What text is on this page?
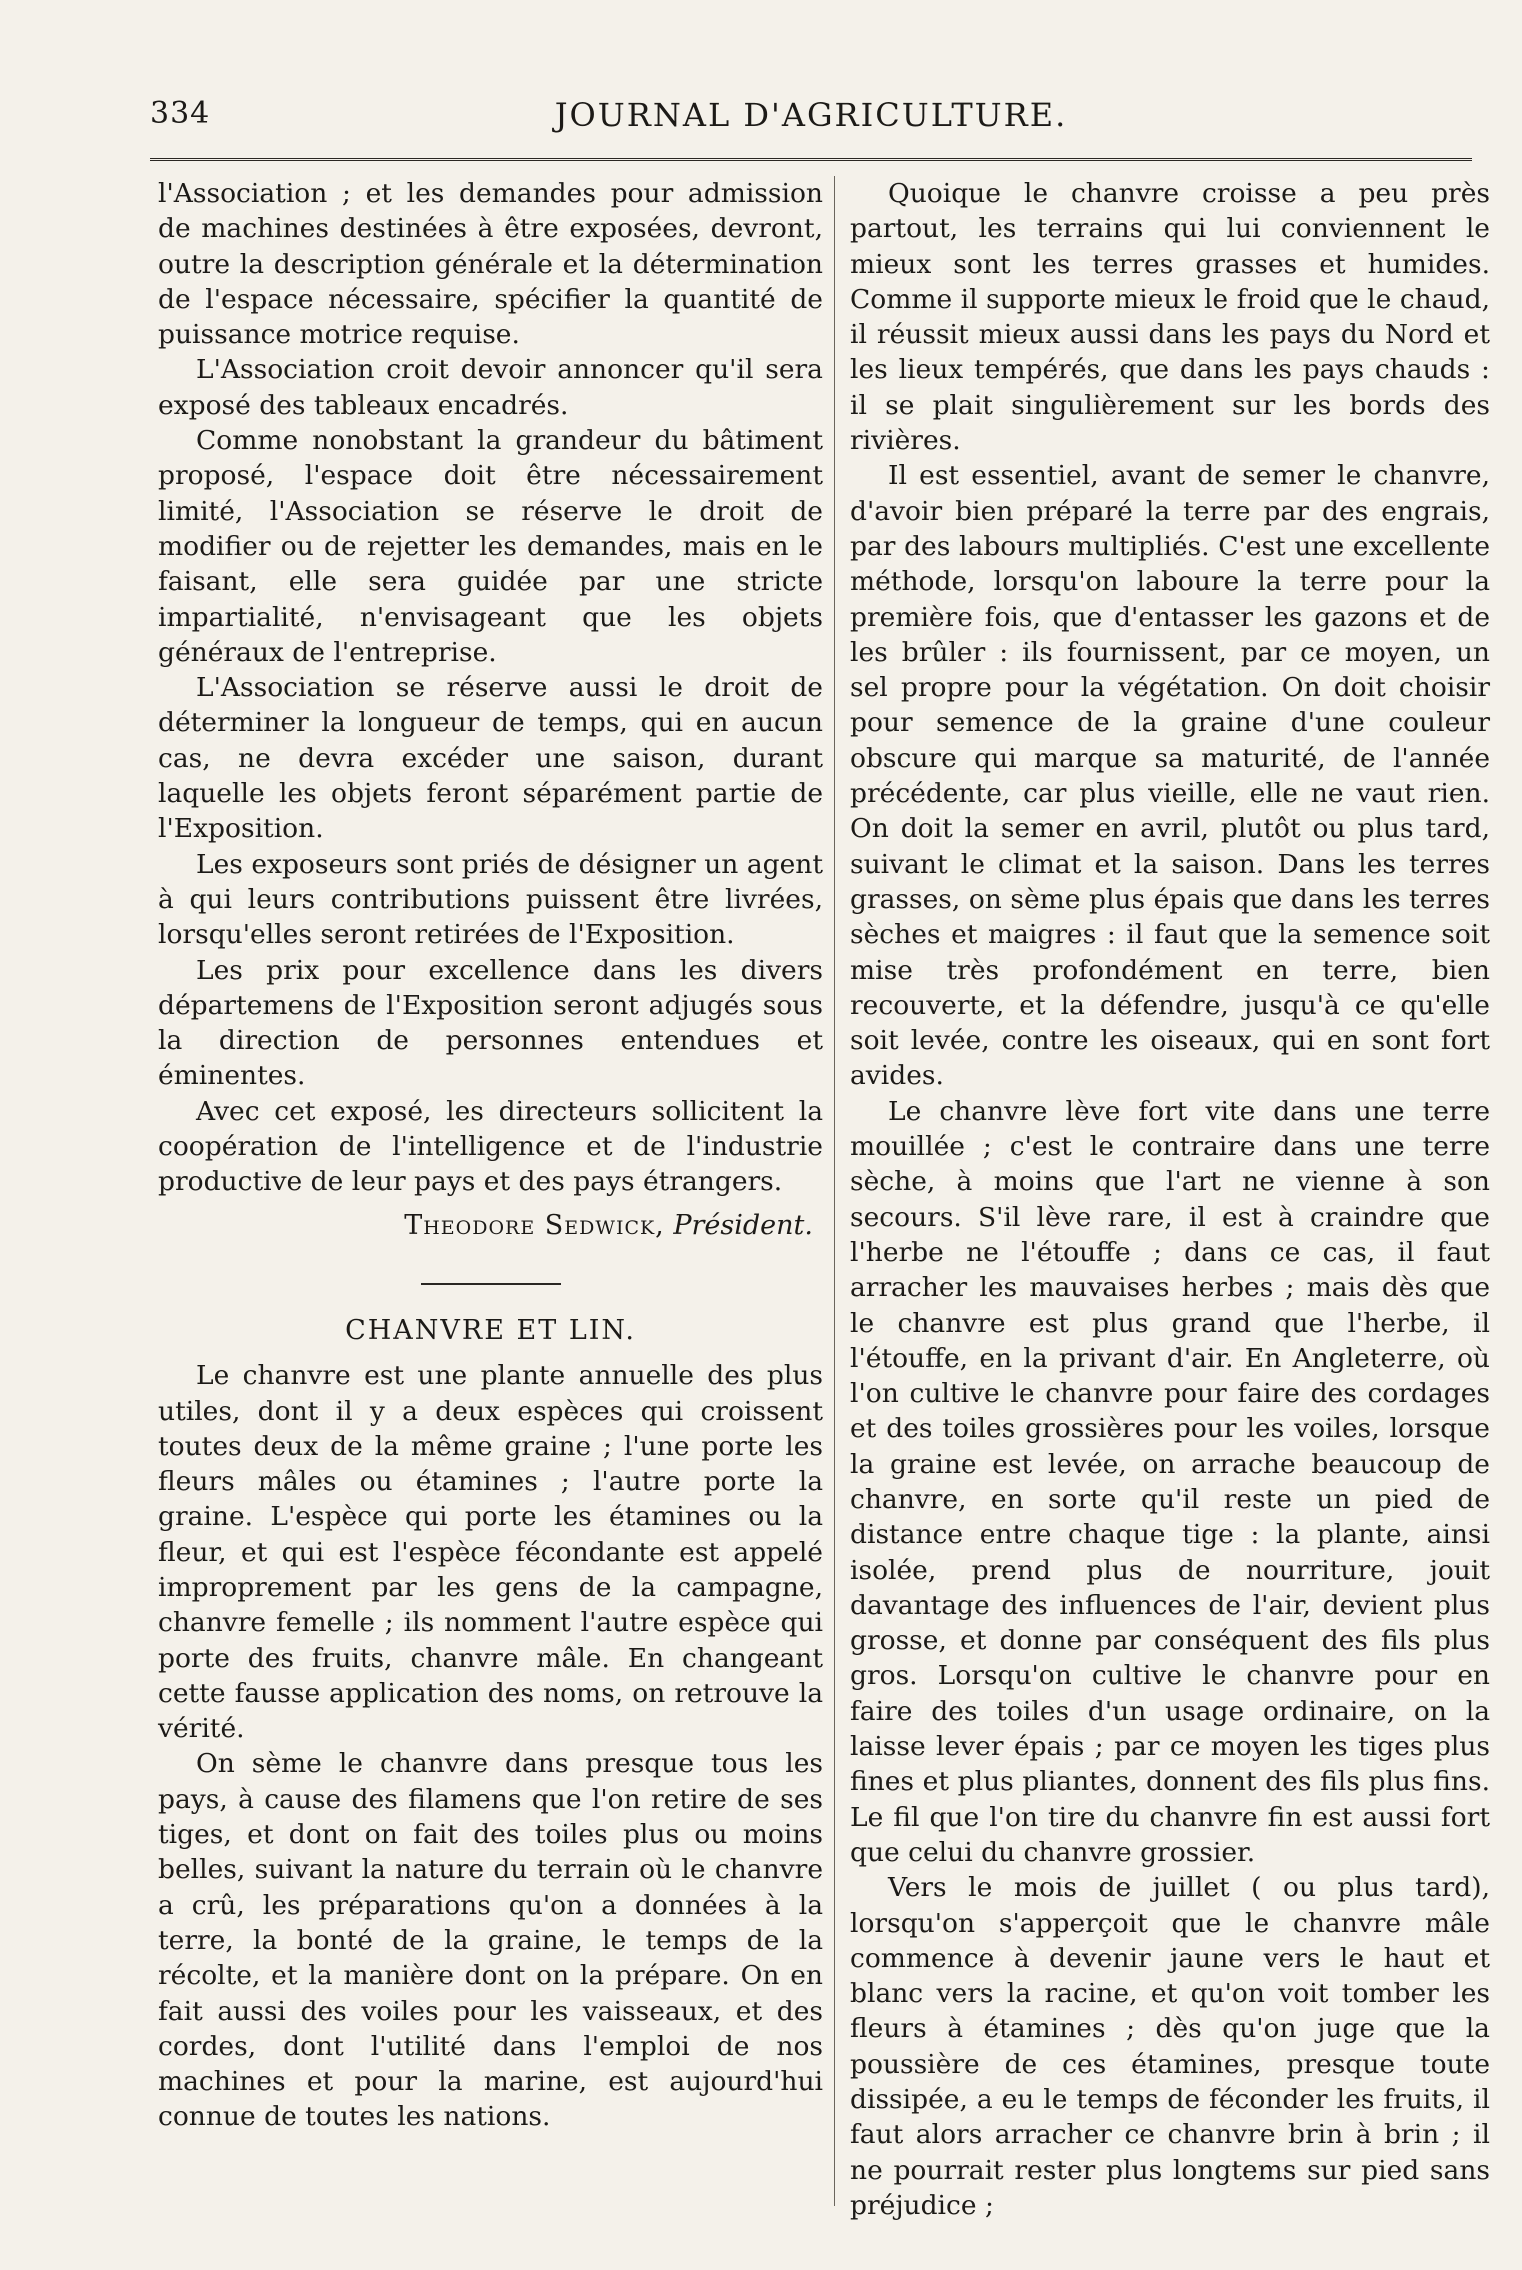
334	JOURNAL D'AGRICULTURE.

l'Association ; et les demandes pour admission de machines destinées à être exposées, devront, outre la description générale et la détermination de l'espace nécessaire, spécifier la quantité de puissance motrice requise.

L'Association croit devoir annoncer qu'il sera exposé des tableaux encadrés.

Comme nonobstant la grandeur du bâtiment proposé, l'espace doit être nécessairement limité, l'Association se réserve le droit de modifier ou de rejetter les demandes, mais en le faisant, elle sera guidée par une stricte impartialité, n'envisageant que les objets généraux de l'entreprise.

L'Association se réserve aussi le droit de déterminer la longueur de temps, qui en aucun cas, ne devra excéder une saison, durant laquelle les objets feront séparément partie de l'Exposition.

Les exposeurs sont priés de désigner un agent à qui leurs contributions puissent être livrées, lorsqu'elles seront retirées de l'Exposition.

Les prix pour excellence dans les divers départemens de l'Exposition seront adjugés sous la direction de personnes entendues et éminentes.

Avec cet exposé, les directeurs sollicitent la coopération de l'intelligence et de l'industrie productive de leur pays et des pays étrangers.

Theodore Sedwick, Président.
CHANVRE ET LIN.

Le chanvre est une plante annuelle des plus utiles, dont il y a deux espèces qui croissent toutes deux de la même graine ; l'une porte les fleurs mâles ou étamines ; l'autre porte la graine. L'espèce qui porte les étamines ou la fleur, et qui est l'espèce fécondante est appelé improprement par les gens de la campagne, chanvre femelle ; ils nomment l'autre espèce qui porte des fruits, chanvre mâle. En changeant cette fausse application des noms, on retrouve la vérité.

On sème le chanvre dans presque tous les pays, à cause des filamens que l'on retire de ses tiges, et dont on fait des toiles plus ou moins belles, suivant la nature du terrain où le chanvre a crû, les préparations qu'on a données à la terre, la bonté de la graine, le temps de la récolte, et la manière dont on la prépare. On en fait aussi des voiles pour les vaisseaux, et des cordes, dont l'utilité dans l'emploi de nos machines et pour la marine, est aujourd'hui connue de toutes les nations.

Quoique le chanvre croisse a peu près partout, les terrains qui lui conviennent le mieux sont les terres grasses et humides. Comme il supporte mieux le froid que le chaud, il réussit mieux aussi dans les pays du Nord et les lieux tempérés, que dans les pays chauds : il se plait singulièrement sur les bords des rivières.

Il est essentiel, avant de semer le chanvre, d'avoir bien préparé la terre par des engrais, par des labours multipliés. C'est une excellente méthode, lorsqu'on laboure la terre pour la première fois, que d'entasser les gazons et de les brûler : ils fournissent, par ce moyen, un sel propre pour la végétation. On doit choisir pour semence de la graine d'une couleur obscure qui marque sa maturité, de l'année précédente, car plus vieille, elle ne vaut rien. On doit la semer en avril, plutôt ou plus tard, suivant le climat et la saison. Dans les terres grasses, on sème plus épais que dans les terres sèches et maigres : il faut que la semence soit mise très profondément en terre, bien recouverte, et la défendre, jusqu'à ce qu'elle soit levée, contre les oiseaux, qui en sont fort avides.

Le chanvre lève fort vite dans une terre mouillée ; c'est le contraire dans une terre sèche, à moins que l'art ne vienne à son secours. S'il lève rare, il est à craindre que l'herbe ne l'étouffe ; dans ce cas, il faut arracher les mauvaises herbes ; mais dès que le chanvre est plus grand que l'herbe, il l'étouffe, en la privant d'air. En Angleterre, où l'on cultive le chanvre pour faire des cordages et des toiles grossières pour les voiles, lorsque la graine est levée, on arrache beaucoup de chanvre, en sorte qu'il reste un pied de distance entre chaque tige : la plante, ainsi isolée, prend plus de nourriture, jouit davantage des influences de l'air, devient plus grosse, et donne par conséquent des fils plus gros. Lorsqu'on cultive le chanvre pour en faire des toiles d'un usage ordinaire, on la laisse lever épais ; par ce moyen les tiges plus fines et plus pliantes, donnent des fils plus fins. Le fil que l'on tire du chanvre fin est aussi fort que celui du chanvre grossier.

Vers le mois de juillet ( ou plus tard), lorsqu'on s'apperçoit que le chanvre mâle commence à devenir jaune vers le haut et blanc vers la racine, et qu'on voit tomber les fleurs à étamines ; dès qu'on juge que la poussière de ces étamines, presque toute dissipée, a eu le temps de féconder les fruits, il faut alors arracher ce chanvre brin à brin ; il ne pourrait rester plus longtems sur pied sans préjudice ;
